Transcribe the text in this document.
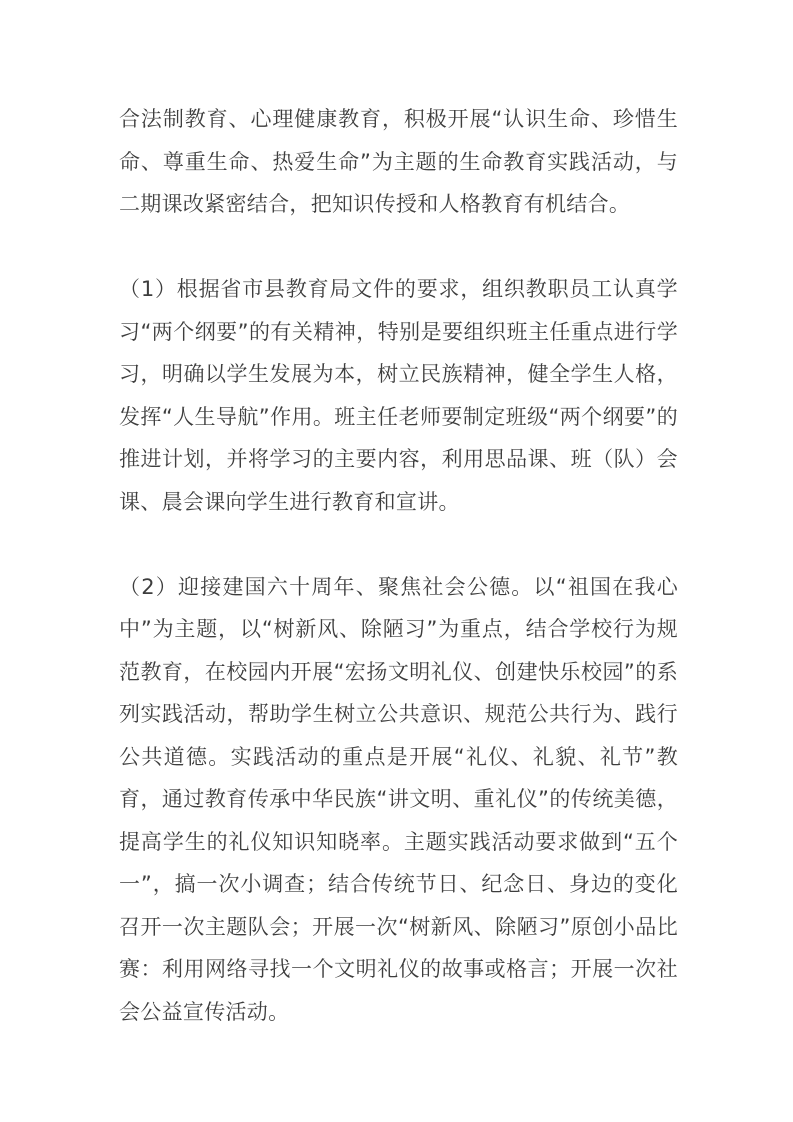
合法制教育、心理健康教育，积极开展“认识生命、珍惜生命、尊重生命、热爱生命”为主题的生命教育实践活动，与二期课改紧密结合，把知识传授和人格教育有机结合。

（1）根据省市县教育局文件的要求，组织教职员工认真学习“两个纲要”的有关精神，特别是要组织班主任重点进行学习，明确以学生发展为本，树立民族精神，健全学生人格，发挥“人生导航”作用。班主任老师要制定班级“两个纲要”的推进计划，并将学习的主要内容，利用思品课、班（队）会课、晨会课向学生进行教育和宣讲。

（2）迎接建国六十周年、聚焦社会公德。以“祖国在我心中”为主题，以“树新风、除陋习”为重点，结合学校行为规范教育，在校园内开展“宏扬文明礼仪、创建快乐校园”的系列实践活动，帮助学生树立公共意识、规范公共行为、践行公共道德。实践活动的重点是开展“礼仪、礼貌、礼节”教育，通过教育传承中华民族“讲文明、重礼仪”的传统美德，提高学生的礼仪知识知晓率。主题实践活动要求做到“五个一”，搞一次小调查；结合传统节日、纪念日、身边的变化召开一次主题队会；开展一次“树新风、除陋习”原创小品比赛：利用网络寻找一个文明礼仪的故事或格言；开展一次社会公益宣传活动。
